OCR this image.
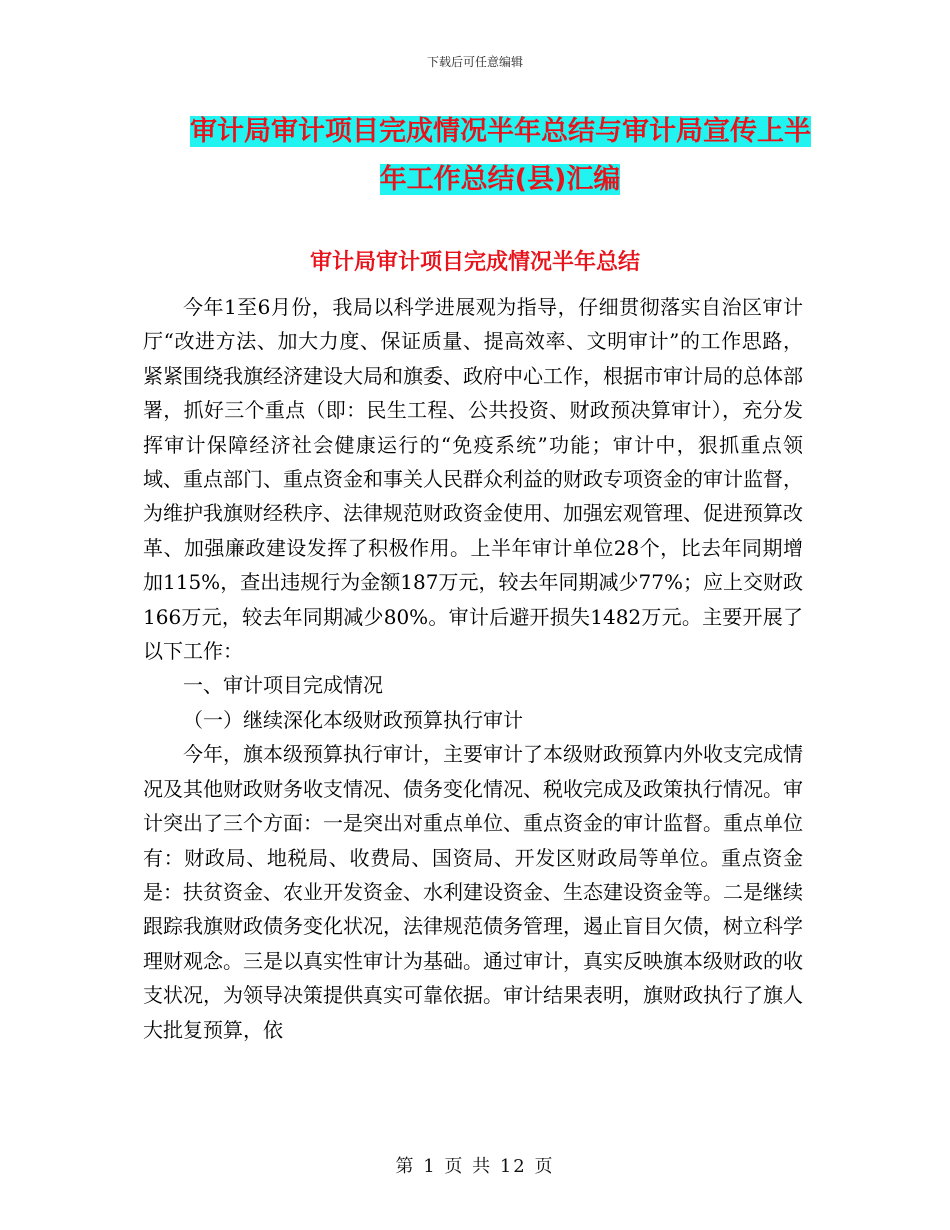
下载后可任意编辑
审计局审计项目完成情况半年总结与审计局宣传上半
年工作总结(县)汇编
审计局审计项目完成情况半年总结

今年1至6月份，我局以科学进展观为指导，仔细贯彻落实自治区审计厅“改进方法、加大力度、保证质量、提高效率、文明审计”的工作思路，紧紧围绕我旗经济建设大局和旗委、政府中心工作，根据市审计局的总体部署，抓好三个重点（即：民生工程、公共投资、财政预决算审计），充分发挥审计保障经济社会健康运行的“免疫系统”功能；审计中，狠抓重点领域、重点部门、重点资金和事关人民群众利益的财政专项资金的审计监督，为维护我旗财经秩序、法律规范财政资金使用、加强宏观管理、促进预算改革、加强廉政建设发挥了积极作用。上半年审计单位28个，比去年同期增加115%，查出违规行为金额187万元，较去年同期减少77%；应上交财政166万元，较去年同期减少80%。审计后避开损失1482万元。主要开展了以下工作：

一、审计项目完成情况

（一）继续深化本级财政预算执行审计

今年，旗本级预算执行审计，主要审计了本级财政预算内外收支完成情况及其他财政财务收支情况、债务变化情况、税收完成及政策执行情况。审计突出了三个方面：一是突出对重点单位、重点资金的审计监督。重点单位有：财政局、地税局、收费局、国资局、开发区财政局等单位。重点资金是：扶贫资金、农业开发资金、水利建设资金、生态建设资金等。二是继续跟踪我旗财政债务变化状况，法律规范债务管理，遏止盲目欠债，树立科学理财观念。三是以真实性审计为基础。通过审计，真实反映旗本级财政的收支状况，为领导决策提供真实可靠依据。审计结果表明，旗财政执行了旗人大批复预算，依

第 1 页 共 12 页
